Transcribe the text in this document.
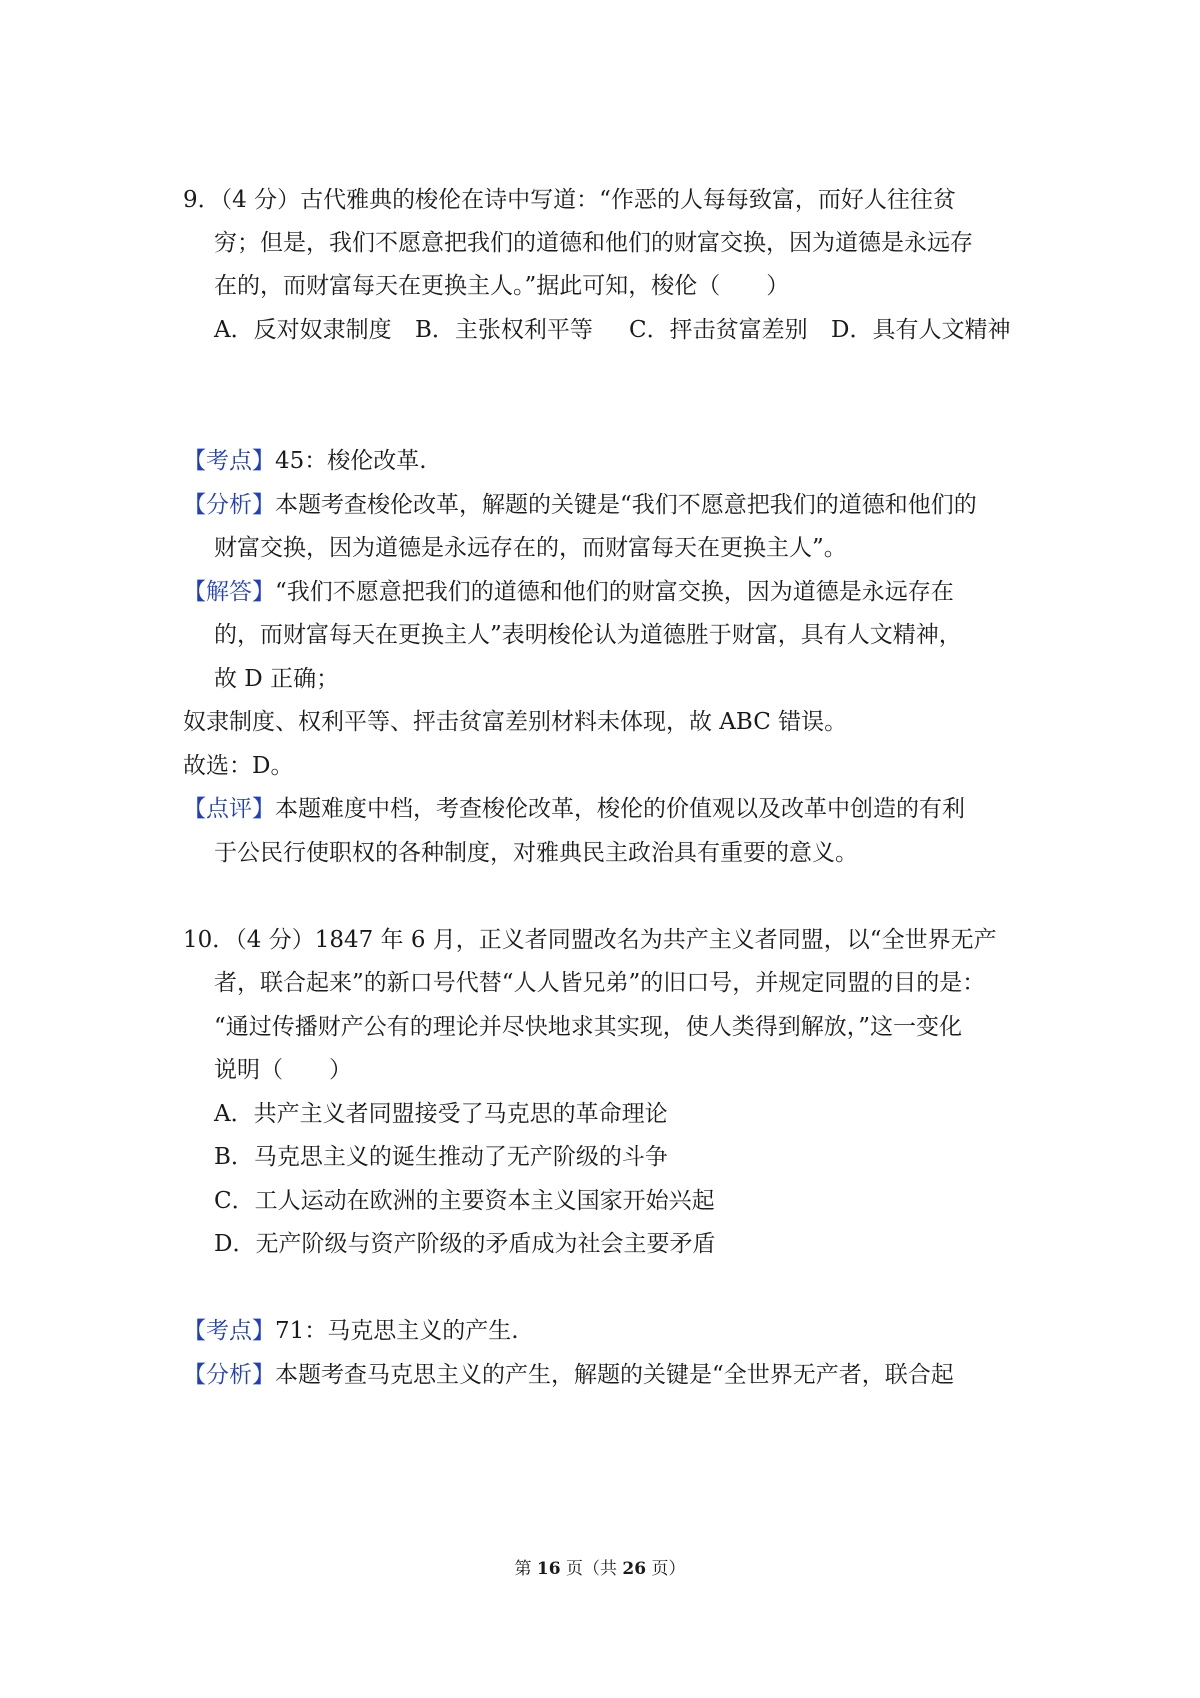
9．（4 分）古代雅典的梭伦在诗中写道：“作恶的人每每致富，而好人往往贫
穷；但是，我们不愿意把我们的道德和他们的财富交换，因为道德是永远存
在的，而财富每天在更换主人。”据此可知，梭伦（　　）
A．反对奴隶制度 B．主张权利平等 C．抨击贫富差别 D．具有人文精神
【考点】45：梭伦改革.
【分析】本题考查梭伦改革，解题的关键是“我们不愿意把我们的道德和他们的
财富交换，因为道德是永远存在的，而财富每天在更换主人”。
【解答】“我们不愿意把我们的道德和他们的财富交换，因为道德是永远存在
的，而财富每天在更换主人”表明梭伦认为道德胜于财富，具有人文精神，
故 D 正确；
奴隶制度、权利平等、抨击贫富差别材料未体现，故 ABC 错误。
故选：D。
【点评】本题难度中档，考查梭伦改革，梭伦的价值观以及改革中创造的有利
于公民行使职权的各种制度，对雅典民主政治具有重要的意义。
10．（4 分）1847 年 6 月，正义者同盟改名为共产主义者同盟，以“全世界无产
者，联合起来”的新口号代替“人人皆兄弟”的旧口号，并规定同盟的目的是：
“通过传播财产公有的理论并尽快地求其实现，使人类得到解放，”这一变化
说明（　　）
A．共产主义者同盟接受了马克思的革命理论
B．马克思主义的诞生推动了无产阶级的斗争
C．工人运动在欧洲的主要资本主义国家开始兴起
D．无产阶级与资产阶级的矛盾成为社会主要矛盾
【考点】71：马克思主义的产生.
【分析】本题考查马克思主义的产生，解题的关键是“全世界无产者，联合起
第 16 页（共 26 页）
